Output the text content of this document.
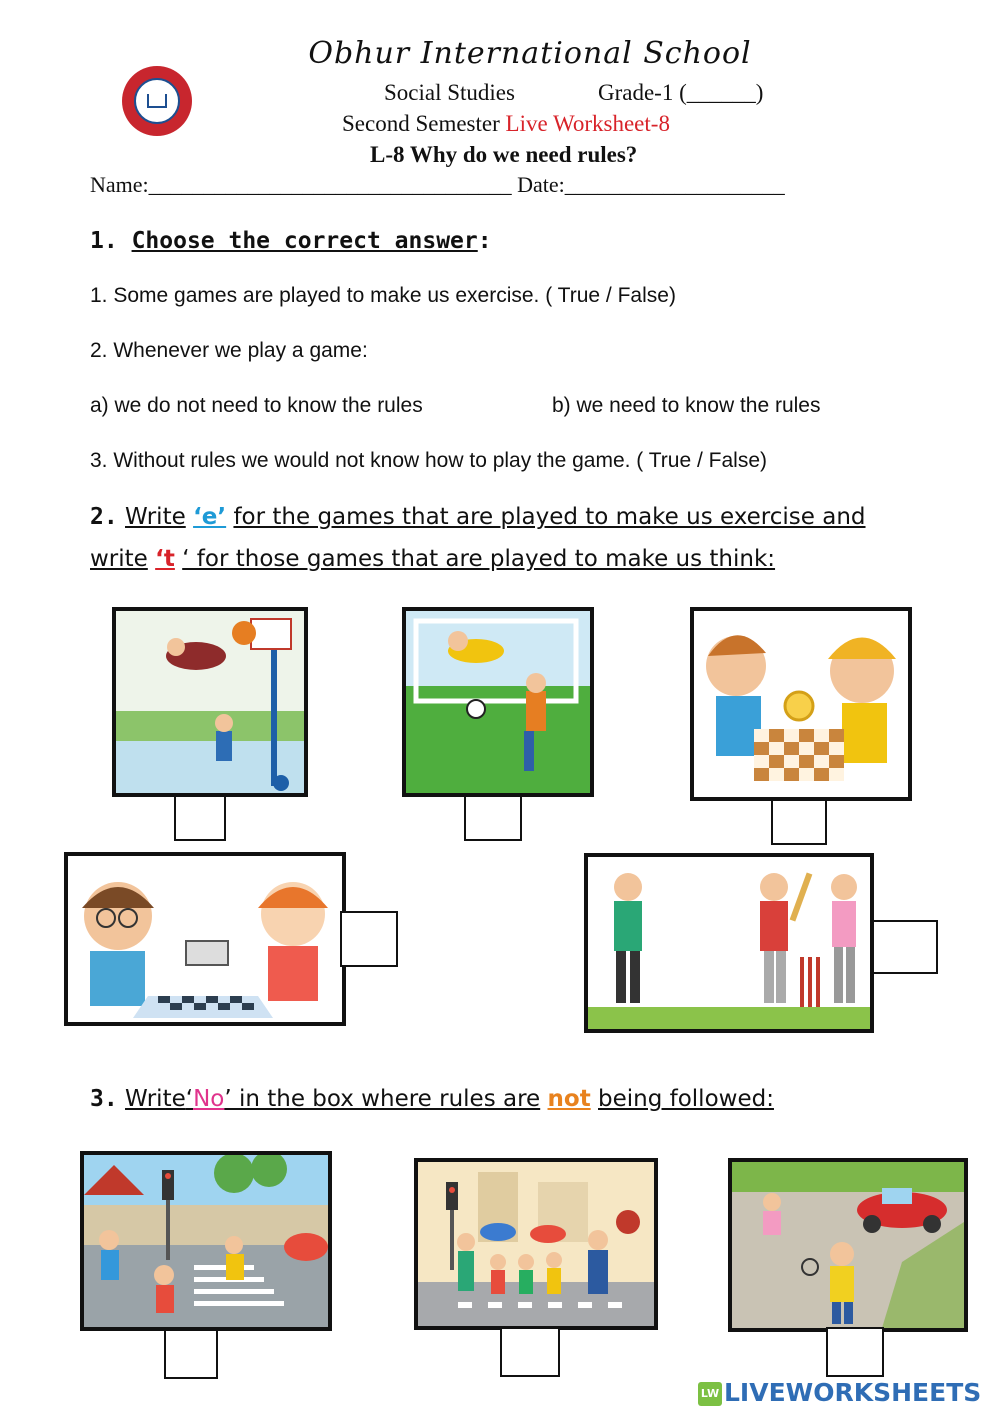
Obhur International School
Social Studies	Grade-1 (______)
Second Semester Live Worksheet-8
L-8 Why do we need rules?
Name:_________________________________ Date:____________________
1. Choose the correct answer:
1. Some games are played to make us exercise. ( True / False)
2. Whenever we play a game:
a) we do not need to know the rules	b) we need to know the rules
3. Without rules we would not know how to play the game. ( True / False)
2. Write ‘e’ for the games that are played to make us exercise and
write ‘t ‘ for those games that are played to make us think:
3. Write‘No’ in the box where rules are not being followed:
LW LIVEWORKSHEETS
